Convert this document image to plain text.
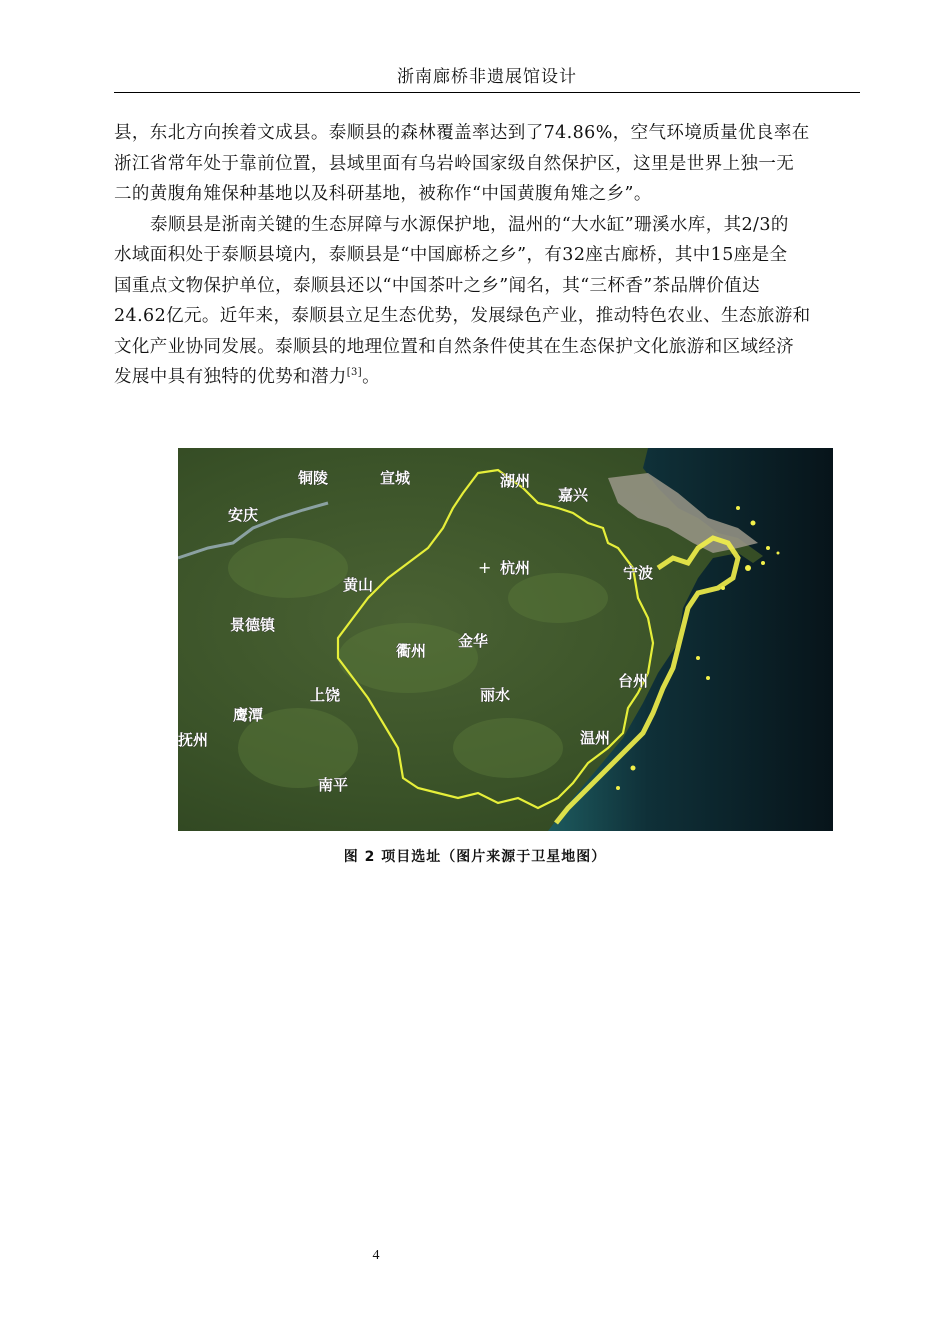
浙南廊桥非遗展馆设计
县，东北方向挨着文成县。泰顺县的森林覆盖率达到了74.86%，空气环境质量优良率在
浙江省常年处于靠前位置，县域里面有乌岩岭国家级自然保护区，这里是世界上独一无
二的黄腹角雉保种基地以及科研基地，被称作“中国黄腹角雉之乡”。
泰顺县是浙南关键的生态屏障与水源保护地，温州的“大水缸”珊溪水库，其2/3的
水域面积处于泰顺县境内，泰顺县是“中国廊桥之乡”，有32座古廊桥，其中15座是全
国重点文物保护单位，泰顺县还以“中国茶叶之乡”闻名，其“三杯香”茶品牌价值达
24.62亿元。近年来，泰顺县立足生态优势，发展绿色产业，推动特色农业、生态旅游和
文化产业协同发展。泰顺县的地理位置和自然条件使其在生态保护文化旅游和区域经济
发展中具有独特的优势和潜力[3]。
铜陵	宣城	湖州
嘉兴
安庆
杭州	宁波
黄山
景德镇
衢州
金华
台州
上饶	丽水
鹰潭
温州
抚州
南平
+
图 2 项目选址（图片来源于卫星地图）
4
